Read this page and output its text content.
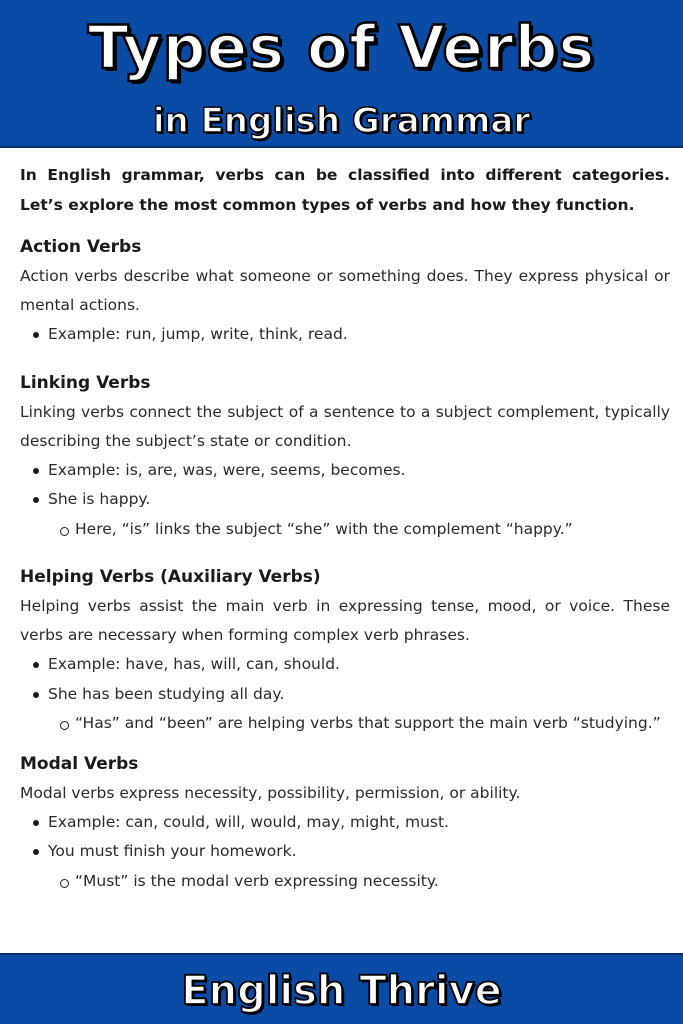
Types of Verbs
in English Grammar

In English grammar, verbs can be classified into different categories. Let’s explore the most common types of verbs and how they function.

Action Verbs

Action verbs describe what someone or something does. They express physical or mental actions.

Example: run, jump, write, think, read.
Linking Verbs

Linking verbs connect the subject of a sentence to a subject complement, typically describing the subject’s state or condition.

Example: is, are, was, were, seems, becomes.
She is happy.
Here, “is” links the subject “she” with the complement “happy.”
Helping Verbs (Auxiliary Verbs)

Helping verbs assist the main verb in expressing tense, mood, or voice. These verbs are necessary when forming complex verb phrases.

Example: have, has, will, can, should.
She has been studying all day.
“Has” and “been” are helping verbs that support the main verb “studying.”
Modal Verbs

Modal verbs express necessity, possibility, permission, or ability.

Example: can, could, will, would, may, might, must.
You must finish your homework.
“Must” is the modal verb expressing necessity.
English Thrive
